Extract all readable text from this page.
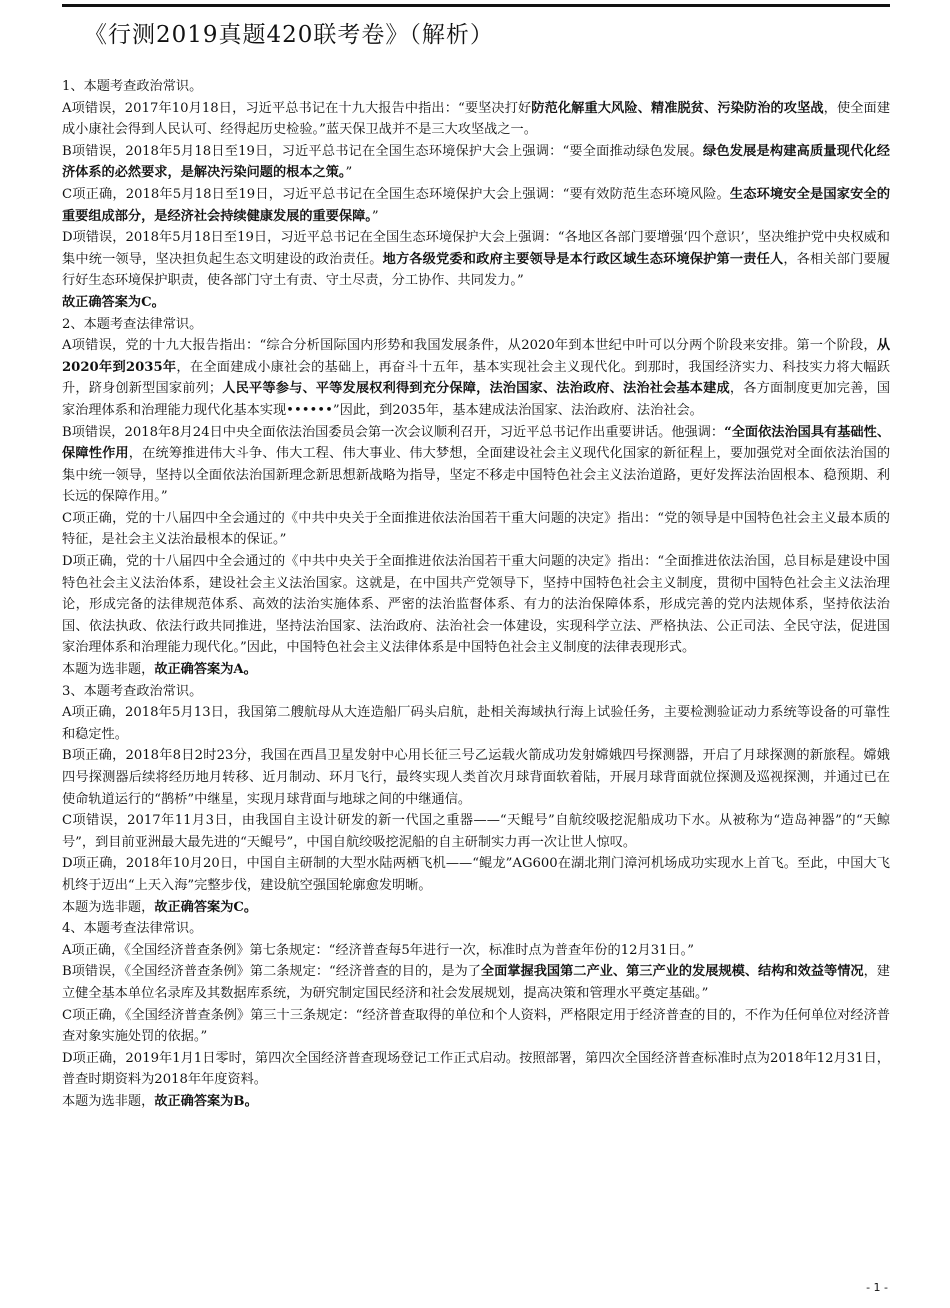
《行测2019真题420联考卷》（解析）

1、本题考查政治常识。

A项错误，2017年10月18日，习近平总书记在十九大报告中指出：“要坚决打好防范化解重大风险、精准脱贫、污染防治的攻坚战，使全面建成小康社会得到人民认可、经得起历史检验。”蓝天保卫战并不是三大攻坚战之一。

B项错误，2018年5月18日至19日，习近平总书记在全国生态环境保护大会上强调：“要全面推动绿色发展。绿色发展是构建高质量现代化经济体系的必然要求，是解决污染问题的根本之策。”

C项正确，2018年5月18日至19日，习近平总书记在全国生态环境保护大会上强调：“要有效防范生态环境风险。生态环境安全是国家安全的重要组成部分，是经济社会持续健康发展的重要保障。”

D项错误，2018年5月18日至19日，习近平总书记在全国生态环境保护大会上强调：“各地区各部门要增强‘四个意识’，坚决维护党中央权威和集中统一领导，坚决担负起生态文明建设的政治责任。地方各级党委和政府主要领导是本行政区域生态环境保护第一责任人，各相关部门要履行好生态环境保护职责，使各部门守土有责、守土尽责，分工协作、共同发力。”

故正确答案为C。

2、本题考查法律常识。

A项错误，党的十九大报告指出：“综合分析国际国内形势和我国发展条件，从2020年到本世纪中叶可以分两个阶段来安排。第一个阶段，从2020年到2035年，在全面建成小康社会的基础上，再奋斗十五年，基本实现社会主义现代化。到那时，我国经济实力、科技实力将大幅跃升，跻身创新型国家前列；人民平等参与、平等发展权利得到充分保障，法治国家、法治政府、法治社会基本建成，各方面制度更加完善，国家治理体系和治理能力现代化基本实现••••••”因此，到2035年，基本建成法治国家、法治政府、法治社会。

B项错误，2018年8月24日中央全面依法治国委员会第一次会议顺利召开，习近平总书记作出重要讲话。他强调：“全面依法治国具有基础性、保障性作用，在统筹推进伟大斗争、伟大工程、伟大事业、伟大梦想，全面建设社会主义现代化国家的新征程上，要加强党对全面依法治国的集中统一领导，坚持以全面依法治国新理念新思想新战略为指导，坚定不移走中国特色社会主义法治道路，更好发挥法治固根本、稳预期、利长远的保障作用。”

C项正确，党的十八届四中全会通过的《中共中央关于全面推进依法治国若干重大问题的决定》指出：“党的领导是中国特色社会主义最本质的特征，是社会主义法治最根本的保证。”

D项正确，党的十八届四中全会通过的《中共中央关于全面推进依法治国若干重大问题的决定》指出：“全面推进依法治国，总目标是建设中国特色社会主义法治体系，建设社会主义法治国家。这就是，在中国共产党领导下，坚持中国特色社会主义制度，贯彻中国特色社会主义法治理论，形成完备的法律规范体系、高效的法治实施体系、严密的法治监督体系、有力的法治保障体系，形成完善的党内法规体系，坚持依法治国、依法执政、依法行政共同推进，坚持法治国家、法治政府、法治社会一体建设，实现科学立法、严格执法、公正司法、全民守法，促进国家治理体系和治理能力现代化。”因此，中国特色社会主义法律体系是中国特色社会主义制度的法律表现形式。

本题为选非题，故正确答案为A。

3、本题考查政治常识。

A项正确，2018年5月13日，我国第二艘航母从大连造船厂码头启航，赴相关海域执行海上试验任务，主要检测验证动力系统等设备的可靠性和稳定性。

B项正确，2018年8日2时23分，我国在西昌卫星发射中心用长征三号乙运载火箭成功发射嫦娥四号探测器，开启了月球探测的新旅程。嫦娥四号探测器后续将经历地月转移、近月制动、环月飞行，最终实现人类首次月球背面软着陆，开展月球背面就位探测及巡视探测，并通过已在使命轨道运行的“鹊桥”中继星，实现月球背面与地球之间的中继通信。

C项错误，2017年11月3日，由我国自主设计研发的新一代国之重器——“天鲲号”自航绞吸挖泥船成功下水。从被称为“造岛神器”的“天鲸号”，到目前亚洲最大最先进的“天鲲号”，中国自航绞吸挖泥船的自主研制实力再一次让世人惊叹。

D项正确，2018年10月20日，中国自主研制的大型水陆两栖飞机——“鲲龙”AG600在湖北荆门漳河机场成功实现水上首飞。至此，中国大飞机终于迈出“上天入海”完整步伐，建设航空强国轮廓愈发明晰。

本题为选非题，故正确答案为C。

4、本题考查法律常识。

A项正确，《全国经济普查条例》第七条规定：“经济普查每5年进行一次，标准时点为普查年份的12月31日。”

B项错误，《全国经济普查条例》第二条规定：“经济普查的目的，是为了全面掌握我国第二产业、第三产业的发展规模、结构和效益等情况，建立健全基本单位名录库及其数据库系统，为研究制定国民经济和社会发展规划，提高决策和管理水平奠定基础。”

C项正确，《全国经济普查条例》第三十三条规定：“经济普查取得的单位和个人资料，严格限定用于经济普查的目的，不作为任何单位对经济普查对象实施处罚的依据。”

D项正确，2019年1月1日零时，第四次全国经济普查现场登记工作正式启动。按照部署，第四次全国经济普查标准时点为2018年12月31日，普查时期资料为2018年年度资料。

本题为选非题，故正确答案为B。

- 1 -
